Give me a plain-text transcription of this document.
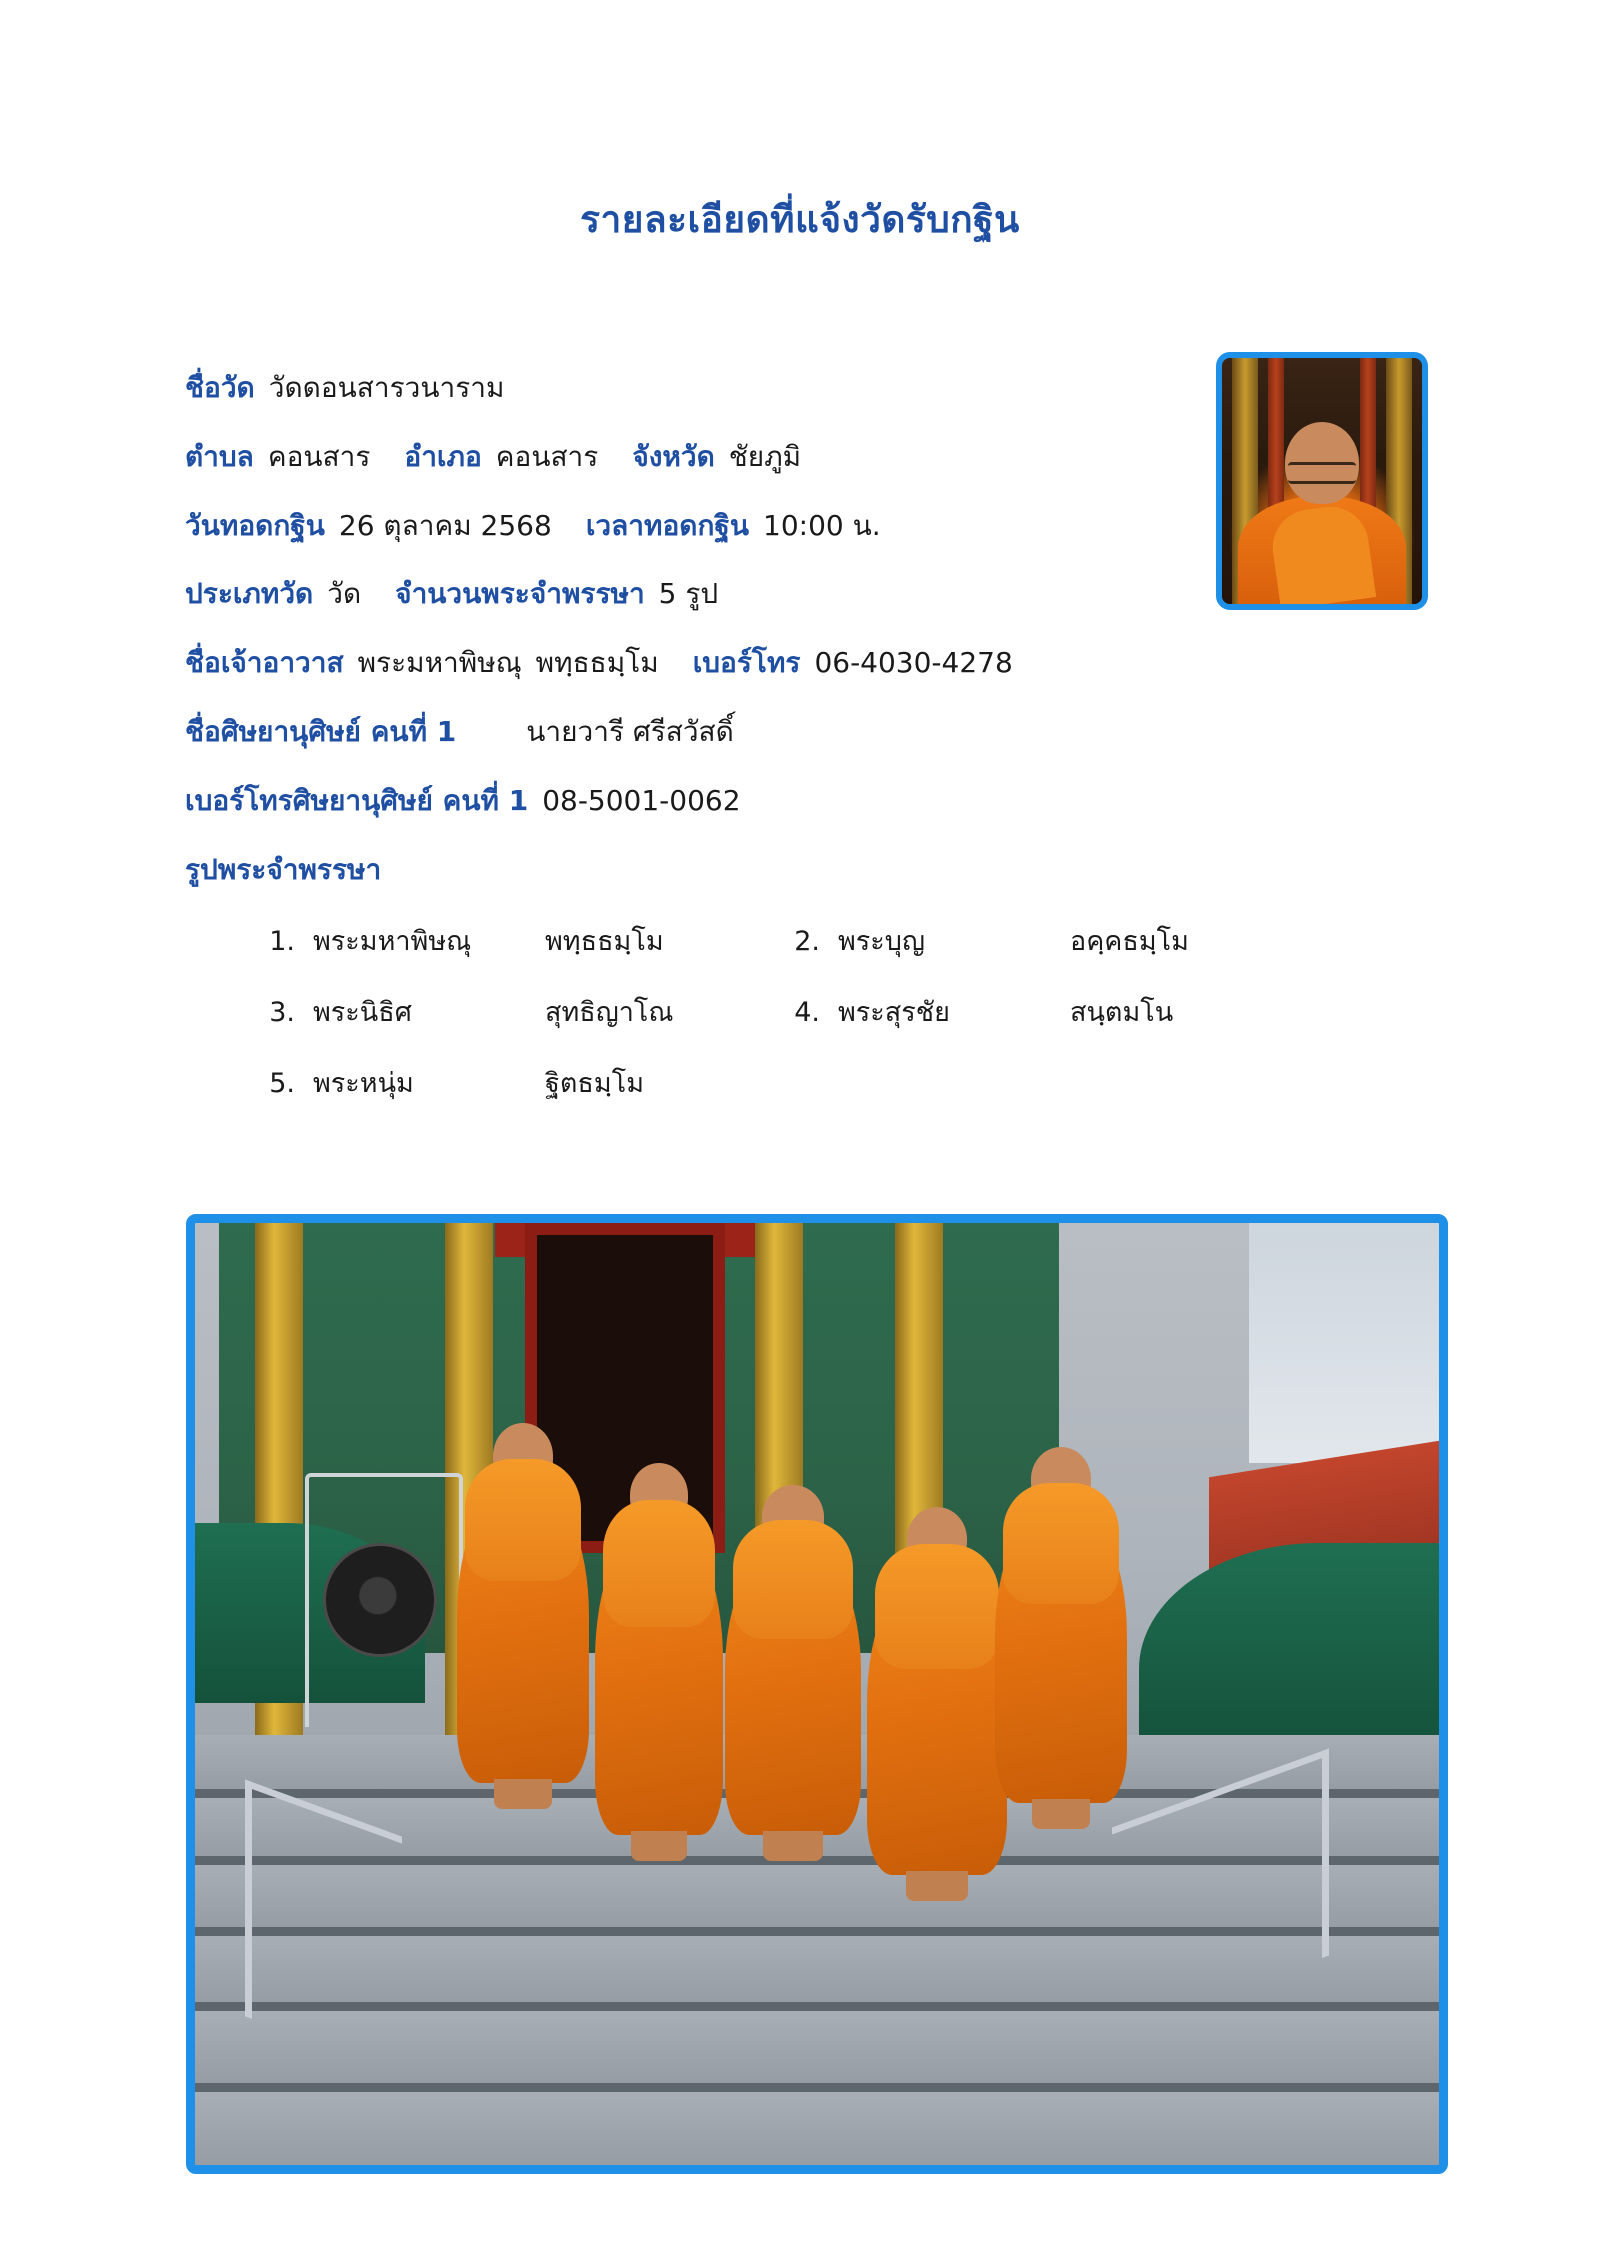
รายละเอียดที่แจ้งวัดรับกฐิน
ชื่อวัด วัดดอนสารวนาราม
ตำบล คอนสาร อำเภอ คอนสาร จังหวัด ชัยภูมิ
วันทอดกฐิน 26 ตุลาคม 2568 เวลาทอดกฐิน 10:00 น.
ประเภทวัด วัด จำนวนพระจำพรรษา 5 รูป
ชื่อเจ้าอาวาส พระมหาพิษณุ พทฺธธมฺโม เบอร์โทร 06-4030-4278
ชื่อศิษยานุศิษย์ คนที่ 1	นายวารี ศรีสวัสดิ์
เบอร์โทรศิษยานุศิษย์ คนที่ 1 08-5001-0062
รูปพระจำพรรษา
1. พระมหาพิษณุ	พทฺธธมฺโม	2. พระบุญ	อคฺคธมฺโม
3. พระนิธิศ	สุทธิญาโณ	4. พระสุรชัย	สนฺตมโน
5. พระหนุ่ม	ฐิตธมฺโม
